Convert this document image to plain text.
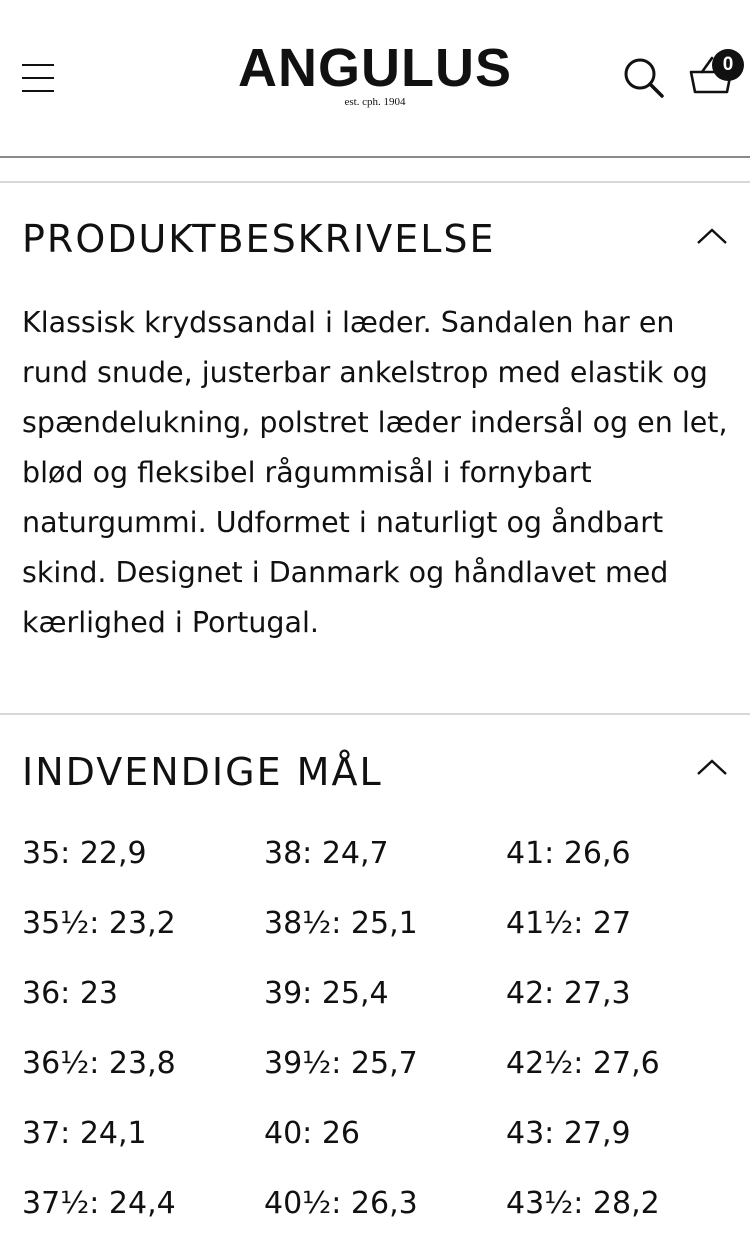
ANGULUS
est. cph. 1904
0
PRODUKTBESKRIVELSE

Klassisk krydssandal i læder. Sandalen har en rund snude, justerbar ankelstrop med elastik og spændelukning, polstret læder indersål og en let, blød og fleksibel rågummisål i fornybart naturgummi. Udformet i naturligt og åndbart skind. Designet i Danmark og håndlavet med kærlighed i Portugal.

INDVENDIGE MÅL
35: 22,9	38: 24,7	41: 26,6
35½: 23,2	38½: 25,1	41½: 27
36: 23	39: 25,4	42: 27,3
36½: 23,8	39½: 25,7	42½: 27,6
37: 24,1	40: 26	43: 27,9
37½: 24,4	40½: 26,3	43½: 28,2
